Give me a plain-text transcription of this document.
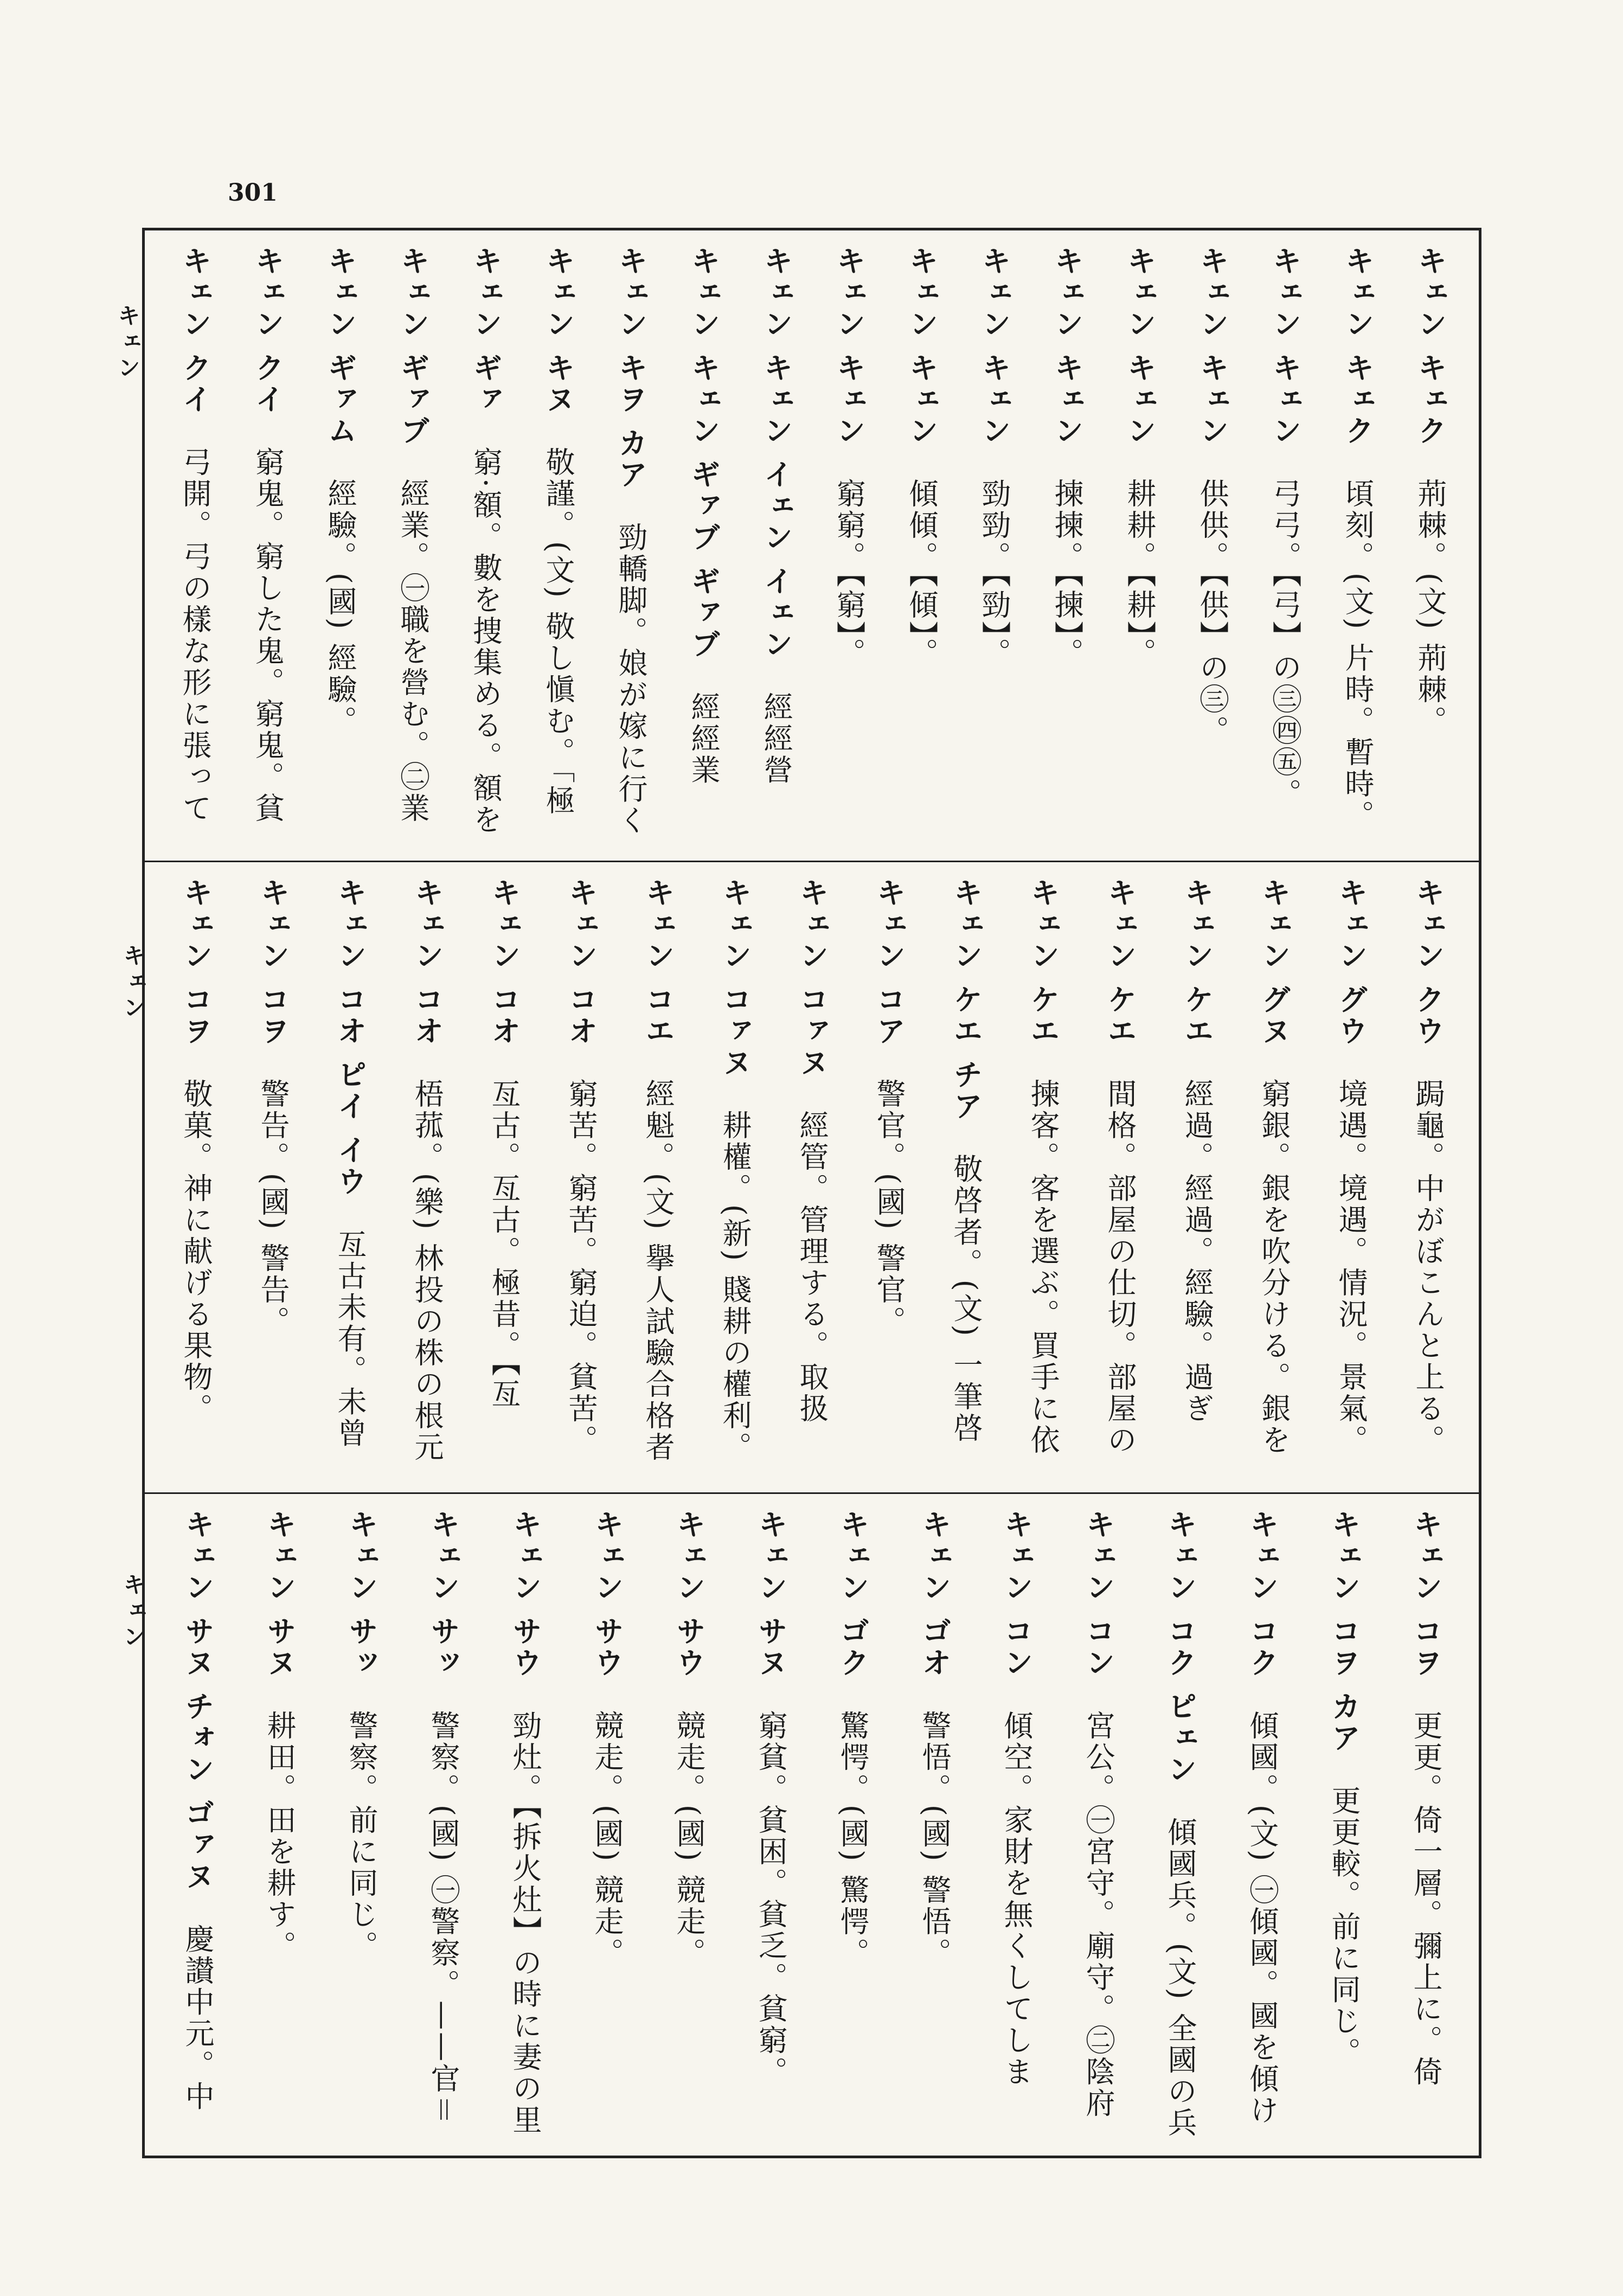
301
キェン
キェン
キェン
キェン キェク　荊棘。(文) 荊棘。
キェン キェク　頃刻。(文) 片時。暫時。
キェン キェン　弓弓。【弓】の㊂㊃㊄。
キェン キェン　供供。【供】の㊂。
キェン キェン　耕耕。【耕】。
キェン キェン　揀揀。【揀】。
キェン キェン　勁勁。【勁】。
キェン キェン　傾傾。【傾】。
キェン キェン　窮窮。【窮】。
キェン キェン イェン イェン　經經營
キェン キェン ギァブ ギァブ　經經業
キェン キヲ カア　勁轎脚。娘が嫁に行く
キェン キヌ　敬謹。(文) 敬し愼む。「極
キェン ギァ　窮·額。數を捜集める。額を
キェン ギァブ　經業。㊀職を營む。㊁業
キェン ギァム　經驗。(國) 經驗。
キェン クイ　窮鬼。窮した鬼。窮鬼。貧
キェン クイ　弓開。弓の樣な形に張って
キェン クウ　跼龜。中がぼこんと上る。
キェン グウ　境遇。境遇。情況。景氣。
キェン グヌ　窮銀。銀を吹分ける。銀を
キェン ケエ　經過。經過。經驗。過ぎ
キェン ケエ　間格。部屋の仕切。部屋の
キェン ケエ　揀客。客を選ぶ。買手に依
キェン ケエ チア　敬啓者。(文) 一筆啓
キェン コア　警官。(國) 警官。
キェン コァヌ　經管。管理する。取扱
キェン コァヌ　耕權。(新) 賤耕の權利。
キェン コエ　經魁。(文) 擧人試驗合格者
キェン コオ　窮苦。窮苦。窮迫。貧苦。
キェン コオ　亙古。亙古。極昔。【亙
キェン コオ　梧菰。(樂) 林投の株の根元
キェン コオ ピイ イウ　亙古未有。未曾
キェン コヲ　警告。(國) 警告。
キェン コヲ　敬菓。神に献げる果物。
キェン コヲ　更更。倚一層。彌上に。倚
キェン コヲ カア　更更較。前に同じ。
キェン コク　傾國。(文) ㊀傾國。國を傾け
キェン コク ピェン　傾國兵。(文) 全國の兵
キェン コン　宮公。㊀宮守。廟守。㊁陰府
キェン コン　傾空。家財を無くしてしま
キェン ゴオ　警悟。(國) 警悟。
キェン ゴク　驚愕。(國) 驚愕。
キェン サヌ　窮貧。貧困。貧乏。貧窮。
キェン サウ　競走。(國) 競走。
キェン サウ　競走。(國) 競走。
キェン サウ　勁灶。【拆火灶】の時に妻の里
キェン サッ　警察。(國) ㊀警察。——官＝
キェン サッ　警察。前に同じ。
キェン サヌ　耕田。田を耕す。
キェン サヌ チォン ゴァヌ　慶讃中元。中
